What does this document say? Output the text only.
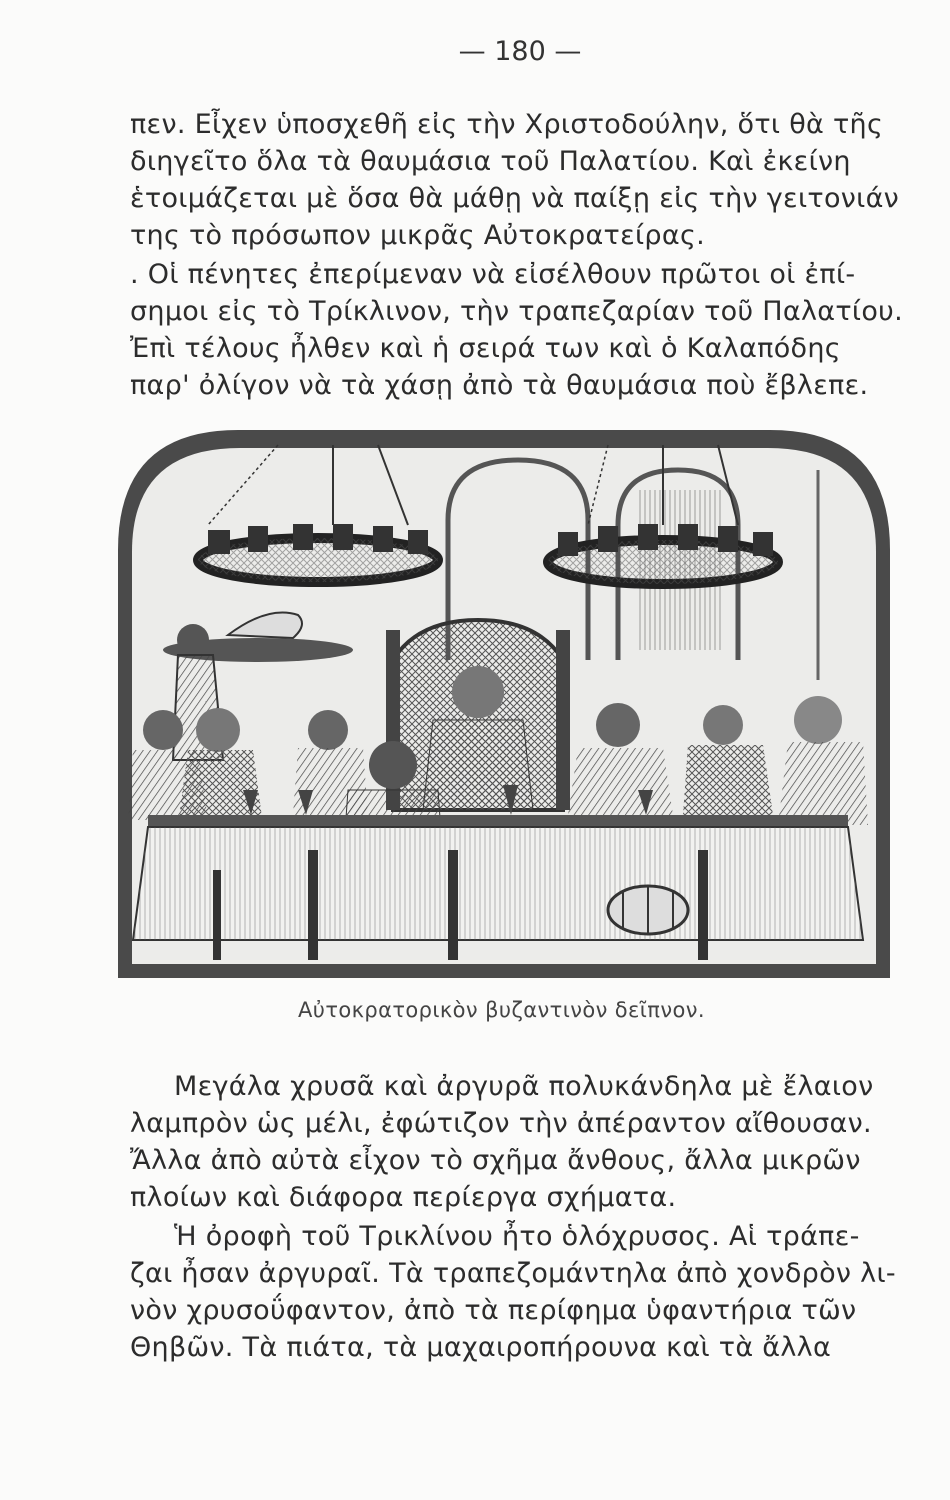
— 180 —

πεν. Εἶχεν ὑποσχεθῆ εἰς τὴν Χριστοδούλην, ὅτι θὰ τῆς
διηγεῖτο ὅλα τὰ θαυμάσια τοῦ Παλατίου. Καὶ ἐκείνη
ἑτοιμάζεται μὲ ὅσα θὰ μάθῃ νὰ παίξῃ εἰς τὴν γειτονιάν
της τὸ πρόσωπον μικρᾶς Αὐτοκρατείρας.

. Οἱ πένητες ἐπερίμεναν νὰ εἰσέλθουν πρῶτοι οἱ ἐπί-
σημοι εἰς τὸ Τρίκλινον, τὴν τραπεζαρίαν τοῦ Παλατίου.
Ἐπὶ τέλους ἦλθεν καὶ ἡ σειρά των καὶ ὁ Καλαπόδης
παρ' ὀλίγον νὰ τὰ χάσῃ ἀπὸ τὰ θαυμάσια ποὺ ἔβλεπε.

Αὐτοκρατορικὸν βυζαντινὸν δεῖπνον.

Μεγάλα χρυσᾶ καὶ ἀργυρᾶ πολυκάνδηλα μὲ ἔλαιον
λαμπρὸν ὡς μέλι, ἐφώτιζον τὴν ἀπέραντον αἴθουσαν.
Ἄλλα ἀπὸ αὐτὰ εἶχον τὸ σχῆμα ἄνθους, ἄλλα μικρῶν
πλοίων καὶ διάφορα περίεργα σχήματα.

Ἡ ὀροφὴ τοῦ Τρικλίνου ἦτο ὁλόχρυσος. Αἱ τράπε-
ζαι ἦσαν ἀργυραῖ. Τὰ τραπεζομάντηλα ἀπὸ χονδρὸν λι-
νὸν χρυσοΰφαντον, ἀπὸ τὰ περίφημα ὑφαντήρια τῶν
Θηβῶν. Τὰ πιάτα, τὰ μαχαιροπήρουνα καὶ τὰ ἄλλα
